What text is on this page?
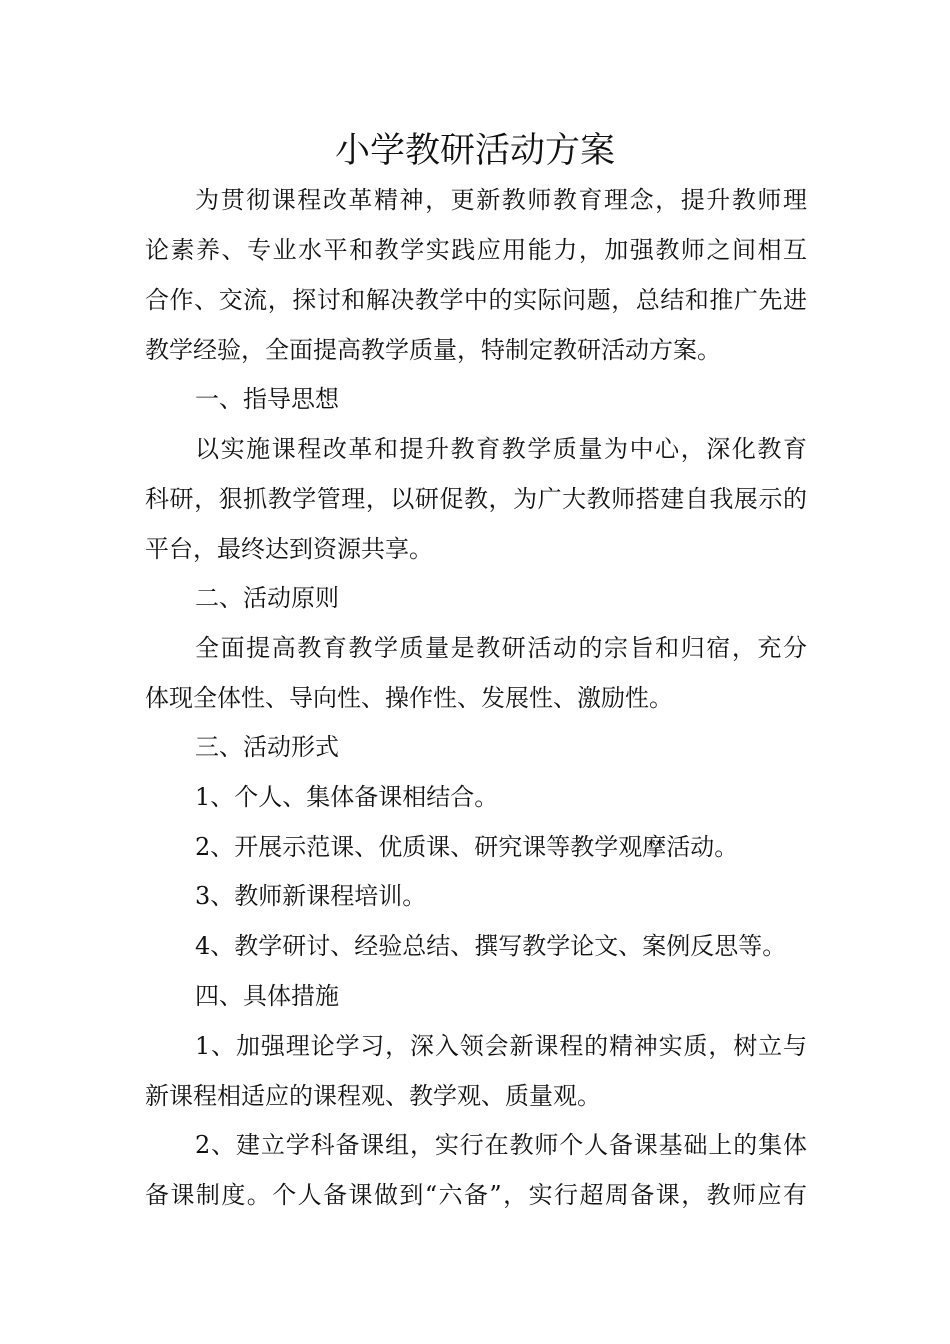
小学教研活动方案
为贯彻课程改革精神，更新教师教育理念，提升教师理
论素养、专业水平和教学实践应用能力，加强教师之间相互
合作、交流，探讨和解决教学中的实际问题，总结和推广先进
教学经验，全面提高教学质量，特制定教研活动方案。
一、指导思想
以实施课程改革和提升教育教学质量为中心，深化教育
科研，狠抓教学管理，以研促教，为广大教师搭建自我展示的
平台，最终达到资源共享。
二、活动原则
全面提高教育教学质量是教研活动的宗旨和归宿，充分
体现全体性、导向性、操作性、发展性、激励性。
三、活动形式
1、个人、集体备课相结合。
2、开展示范课、优质课、研究课等教学观摩活动。
3、教师新课程培训。
4、教学研讨、经验总结、撰写教学论文、案例反思等。
四、具体措施
1、加强理论学习，深入领会新课程的精神实质，树立与
新课程相适应的课程观、教学观、质量观。
2、建立学科备课组，实行在教师个人备课基础上的集体
备课制度。个人备课做到“六备”，实行超周备课，教师应有
